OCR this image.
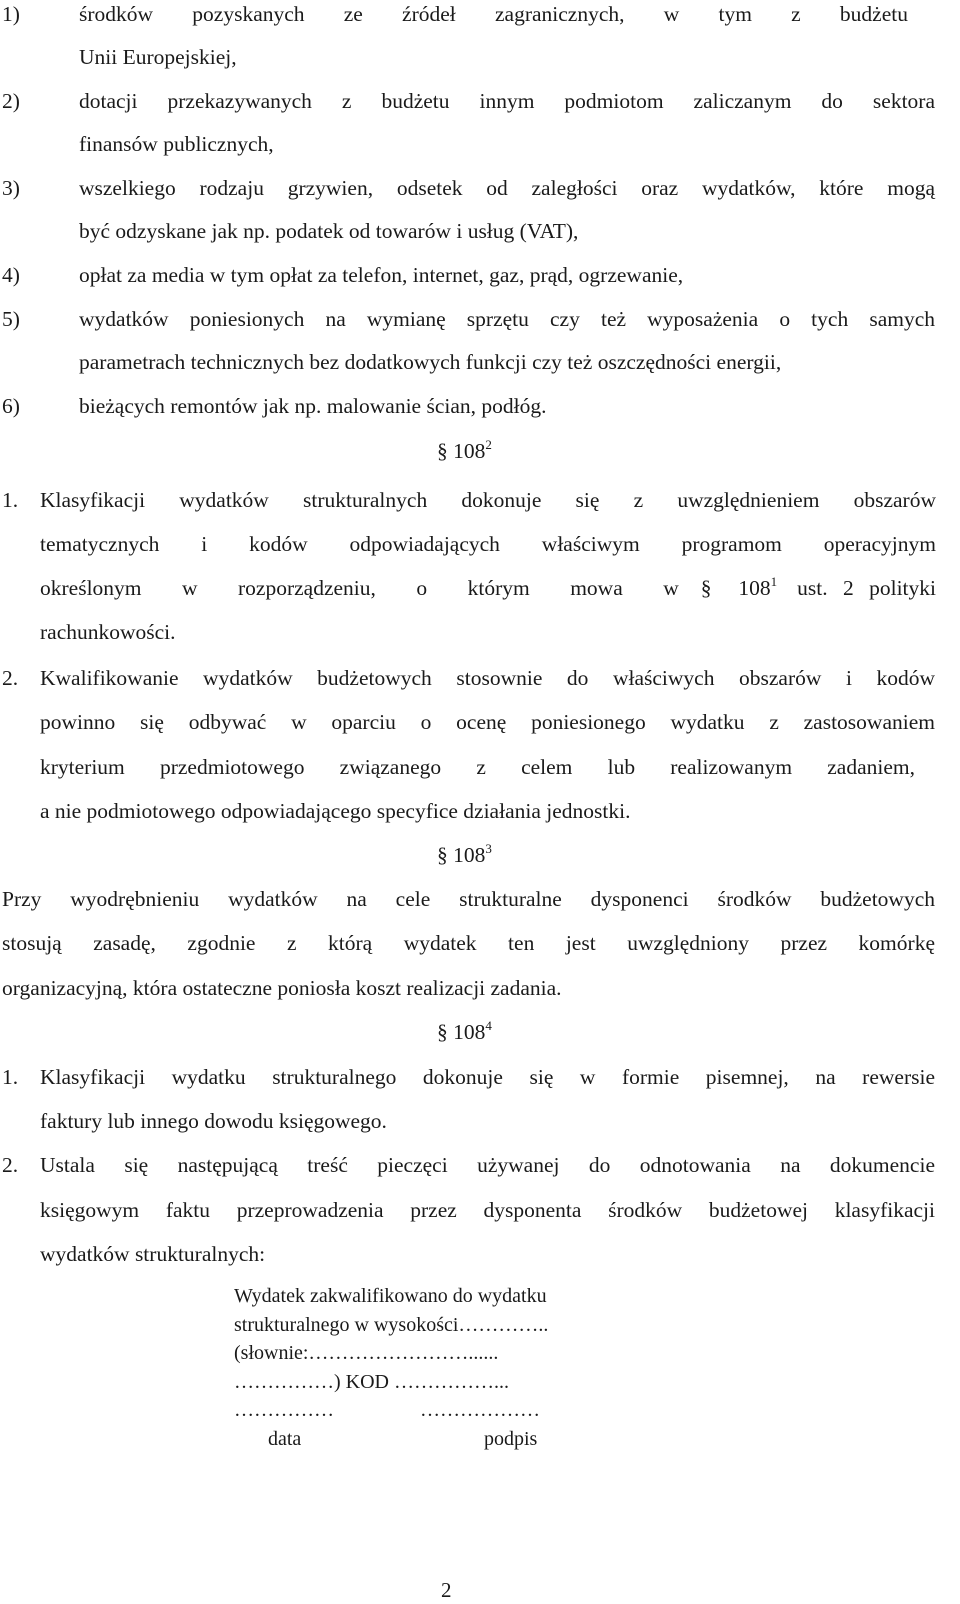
1)	środków pozyskanych ze źródeł zagranicznych, w tym z budżetu
Unii Europejskiej,
2)	dotacji przekazywanych z budżetu innym podmiotom zaliczanym do sektora
finansów publicznych,
3)	wszelkiego rodzaju grzywien, odsetek od zaległości oraz wydatków, które mogą
być odzyskane jak np. podatek od towarów i usług (VAT),
4)	opłat za media w tym opłat za telefon, internet, gaz, prąd, ogrzewanie,
5)	wydatków poniesionych na wymianę sprzętu czy też wyposażenia o tych samych
parametrach technicznych bez dodatkowych funkcji czy też oszczędności energii,
6)	bieżących remontów jak np. malowanie ścian, podłóg.
§ $108^2$
1. Klasyfikacji wydatków strukturalnych dokonuje się z uwzględnieniem obszarów
tematycznych i kodów odpowiadających właściwym programom operacyjnym
określonym w rozporządzeniu, o którym mowa w § $108^1$ ust. 2 polityki
rachunkowości.
2. Kwalifikowanie wydatków budżetowych stosownie do właściwych obszarów i kodów
powinno się odbywać w oparciu o ocenę poniesionego wydatku z zastosowaniem
kryterium przedmiotowego związanego z celem lub realizowanym zadaniem,
a nie podmiotowego odpowiadającego specyfice działania jednostki.
§ $108^3$
Przy wyodrębnieniu wydatków na cele strukturalne dysponenci środków budżetowych
stosują zasadę, zgodnie z którą wydatek ten jest uwzględniony przez komórkę
organizacyjną, która ostateczne poniosła koszt realizacji zadania.
§ $108^4$
1. Klasyfikacji wydatku strukturalnego dokonuje się w formie pisemnej, na rewersie
faktury lub innego dowodu księgowego.
2. Ustala się następującą treść pieczęci używanej do odnotowania na dokumencie
księgowym faktu przeprowadzenia przez dysponenta środków budżetowej klasyfikacji
wydatków strukturalnych:
Wydatek zakwalifikowano do wydatku
strukturalnego w wysokości…………..
(słownie:……………………......
……………) KOD ……………...
……………	………………
data	podpis
2
